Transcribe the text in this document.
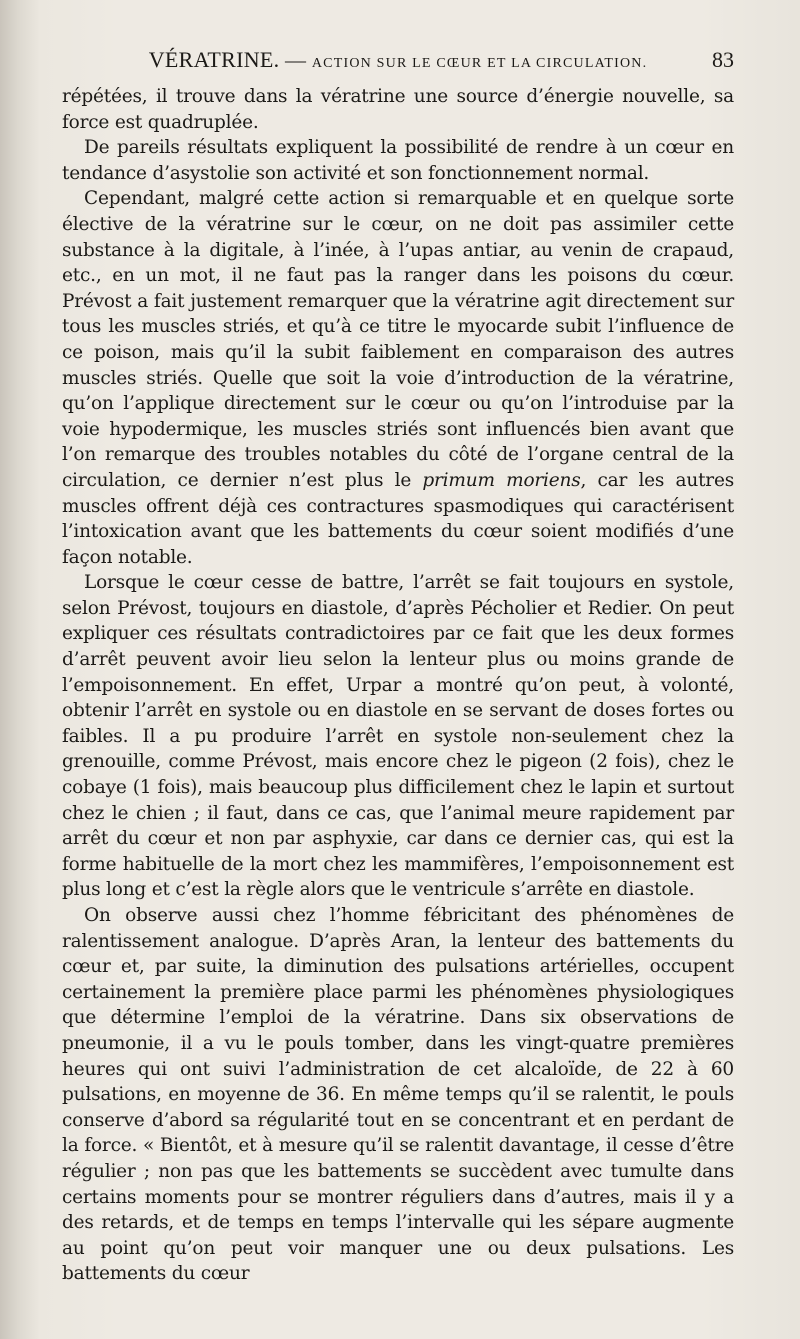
VÉRATRINE. — ACTION SUR LE CŒUR ET LA CIRCULATION.	83

répétées, il trouve dans la vératrine une source d’énergie nouvelle, sa force est quadruplée.

De pareils résultats expliquent la possibilité de rendre à un cœur en tendance d’asystolie son activité et son fonctionnement normal.

Cependant, malgré cette action si remarquable et en quelque sorte élective de la vératrine sur le cœur, on ne doit pas assimiler cette substance à la digitale, à l’inée, à l’upas antiar, au venin de crapaud, etc., en un mot, il ne faut pas la ranger dans les poisons du cœur. Prévost a fait justement remarquer que la vératrine agit directement sur tous les muscles striés, et qu’à ce titre le myocarde subit l’influence de ce poison, mais qu’il la subit faiblement en comparaison des autres muscles striés. Quelle que soit la voie d’introduction de la vératrine, qu’on l’applique directement sur le cœur ou qu’on l’introduise par la voie hypodermique, les muscles striés sont influencés bien avant que l’on remarque des troubles notables du côté de l’organe central de la circulation, ce dernier n’est plus le primum moriens, car les autres muscles offrent déjà ces contractures spasmodiques qui caractérisent l’intoxication avant que les battements du cœur soient modifiés d’une façon notable.

Lorsque le cœur cesse de battre, l’arrêt se fait toujours en systole, selon Prévost, toujours en diastole, d’après Pécholier et Redier. On peut expliquer ces résultats contradictoires par ce fait que les deux formes d’arrêt peuvent avoir lieu selon la lenteur plus ou moins grande de l’empoisonnement. En effet, Urpar a montré qu’on peut, à volonté, obtenir l’arrêt en systole ou en diastole en se servant de doses fortes ou faibles. Il a pu produire l’arrêt en systole non-seulement chez la grenouille, comme Prévost, mais encore chez le pigeon (2 fois), chez le cobaye (1 fois), mais beaucoup plus difficilement chez le lapin et surtout chez le chien ; il faut, dans ce cas, que l’animal meure rapidement par arrêt du cœur et non par asphyxie, car dans ce dernier cas, qui est la forme habituelle de la mort chez les mammifères, l’empoisonnement est plus long et c’est la règle alors que le ventricule s’arrête en diastole.

On observe aussi chez l’homme fébricitant des phénomènes de ralentissement analogue. D’après Aran, la lenteur des battements du cœur et, par suite, la diminution des pulsations artérielles, occupent certainement la première place parmi les phénomènes physiologiques que détermine l’emploi de la vératrine. Dans six observations de pneumonie, il a vu le pouls tomber, dans les vingt-quatre premières heures qui ont suivi l’administration de cet alcaloïde, de 22 à 60 pulsations, en moyenne de 36. En même temps qu’il se ralentit, le pouls conserve d’abord sa régularité tout en se concentrant et en perdant de la force. « Bientôt, et à mesure qu’il se ralentit davantage, il cesse d’être régulier ; non pas que les battements se succèdent avec tumulte dans certains moments pour se montrer réguliers dans d’autres, mais il y a des retards, et de temps en temps l’intervalle qui les sépare augmente au point qu’on peut voir manquer une ou deux pulsations. Les battements du cœur
